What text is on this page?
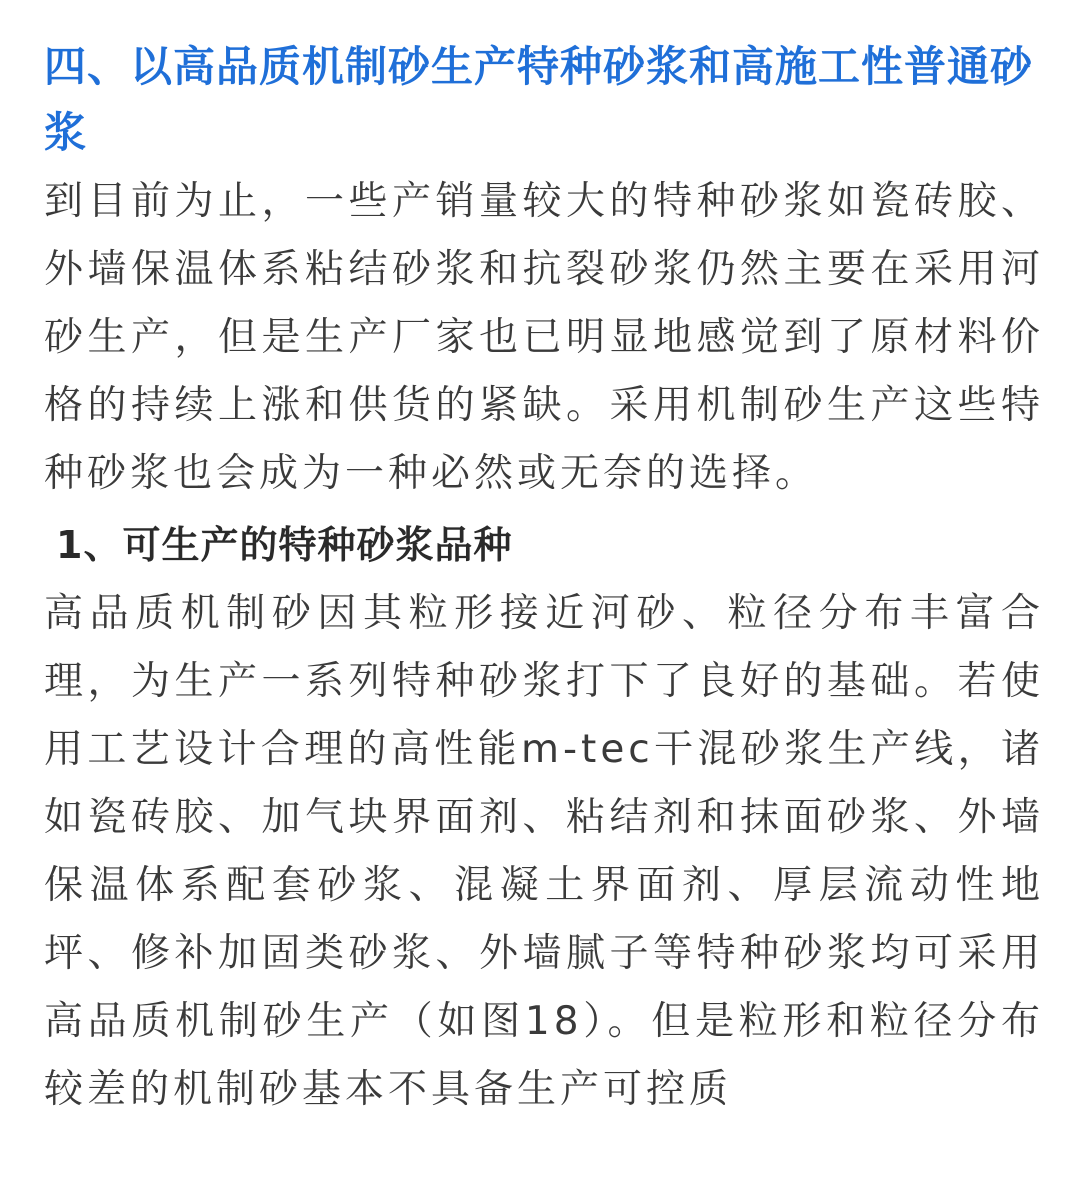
四、以高品质机制砂生产特种砂浆和高施工性普通砂浆

到目前为止，一些产销量较大的特种砂浆如瓷砖胶、外墙保温体系粘结砂浆和抗裂砂浆仍然主要在采用河砂生产，但是生产厂家也已明显地感觉到了原材料价格的持续上涨和供货的紧缺。采用机制砂生产这些特种砂浆也会成为一种必然或无奈的选择。

1、可生产的特种砂浆品种

高品质机制砂因其粒形接近河砂、粒径分布丰富合理，为生产一系列特种砂浆打下了良好的基础。若使用工艺设计合理的高性能m-tec干混砂浆生产线，诸如瓷砖胶、加气块界面剂、粘结剂和抹面砂浆、外墙保温体系配套砂浆、混凝土界面剂、厚层流动性地坪、修补加固类砂浆、外墙腻子等特种砂浆均可采用高品质机制砂生产（如图18）。但是粒形和粒径分布较差的机制砂基本不具备生产可控质
